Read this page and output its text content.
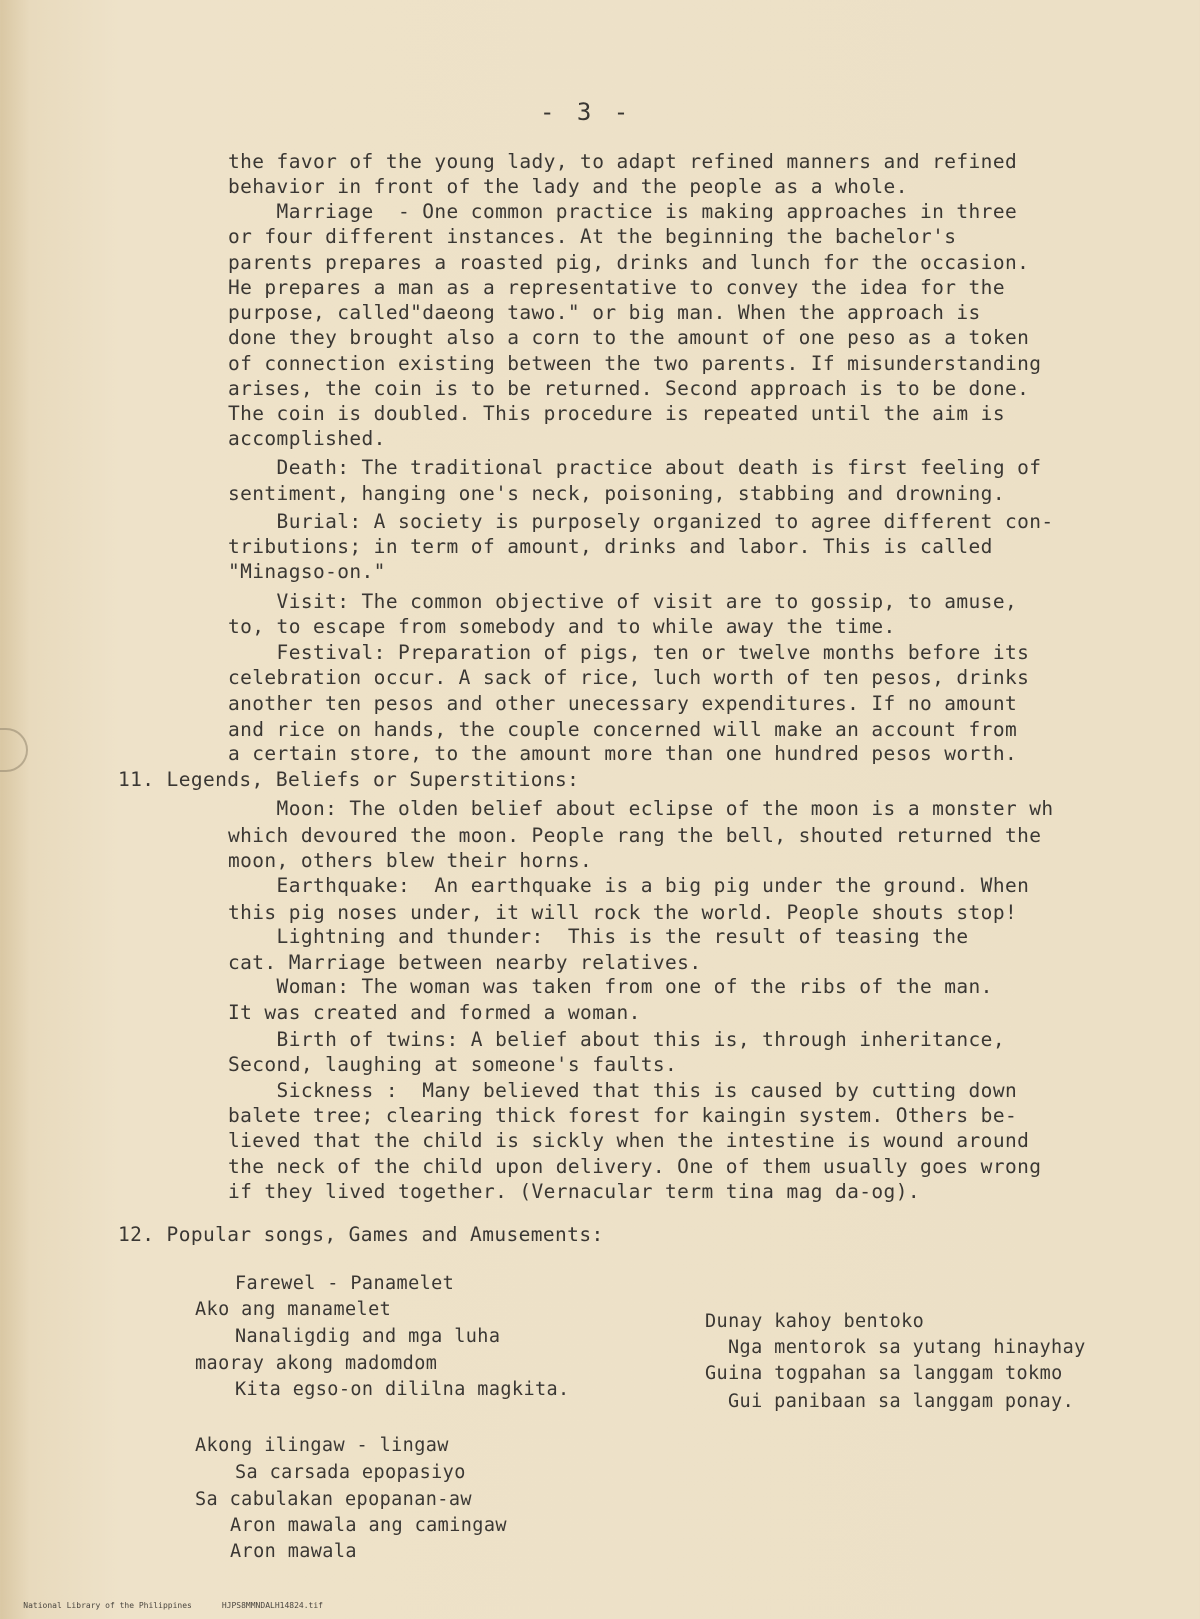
- 3 -
the favor of the young lady, to adapt refined manners and refined
behavior in front of the lady and the people as a whole.
Marriage  - One common practice is making approaches in three
or four different instances. At the beginning the bachelor's
parents prepares a roasted pig, drinks and lunch for the occasion.
He prepares a man as a representative to convey the idea for the
purpose, called"daeong tawo." or big man. When the approach is
done they brought also a corn to the amount of one peso as a token
of connection existing between the two parents. If misunderstanding
arises, the coin is to be returned. Second approach is to be done.
The coin is doubled. This procedure is repeated until the aim is
accomplished.
Death: The traditional practice about death is first feeling of
sentiment, hanging one's neck, poisoning, stabbing and drowning.
Burial: A society is purposely organized to agree different con-
tributions; in term of amount, drinks and labor. This is called
"Minagso-on."
Visit: The common objective of visit are to gossip, to amuse,
to, to escape from somebody and to while away the time.
Festival: Preparation of pigs, ten or twelve months before its
celebration occur. A sack of rice, luch worth of ten pesos, drinks
another ten pesos and other unecessary expenditures. If no amount
and rice on hands, the couple concerned will make an account from
a certain store, to the amount more than one hundred pesos worth.
11. Legends, Beliefs or Superstitions:
Moon: The olden belief about eclipse of the moon is a monster wh
which devoured the moon. People rang the bell, shouted returned the
moon, others blew their horns.
Earthquake:  An earthquake is a big pig under the ground. When
this pig noses under, it will rock the world. People shouts stop!
Lightning and thunder:  This is the result of teasing the
cat. Marriage between nearby relatives.
Woman: The woman was taken from one of the ribs of the man.
It was created and formed a woman.
Birth of twins: A belief about this is, through inheritance,
Second, laughing at someone's faults.
Sickness :  Many believed that this is caused by cutting down
balete tree; clearing thick forest for kaingin system. Others be-
lieved that the child is sickly when the intestine is wound around
the neck of the child upon delivery. One of them usually goes wrong
if they lived together. (Vernacular term tina mag da-og).
12. Popular songs, Games and Amusements:
Farewel - Panamelet
Ako ang manamelet
Nanaligdig and mga luha
maoray akong madomdom
Kita egso-on dililna magkita.
Akong ilingaw - lingaw
Sa carsada epopasiyo
Sa cabulakan epopanan-aw
Aron mawala ang camingaw
Aron mawala
Dunay kahoy bentoko
Nga mentorok sa yutang hinayhay
Guina togpahan sa langgam tokmo
Gui panibaan sa langgam ponay.

National Library of the Philippines	HJPS8MMNDALH14824.tif
